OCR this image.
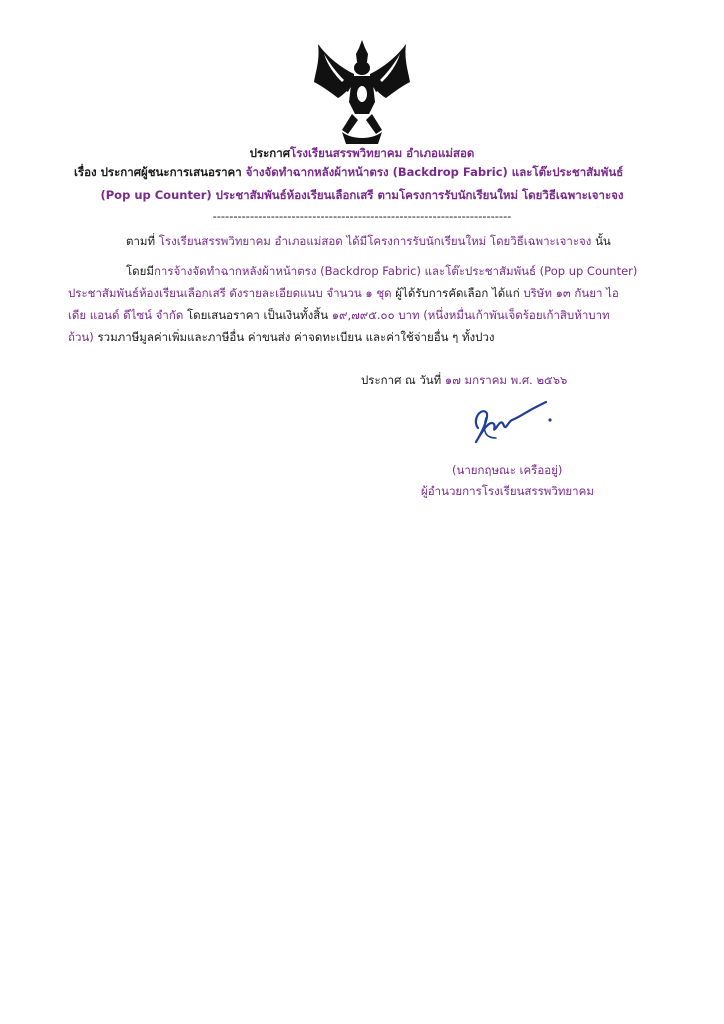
ประกาศโรงเรียนสรรพวิทยาคม อำเภอแม่สอด
เรื่อง ประกาศผู้ชนะการเสนอราคา จ้างจัดทำฉากหลังผ้าหน้าตรง (Backdrop Fabric) และโต๊ะประชาสัมพันธ์
(Pop up Counter) ประชาสัมพันธ์ห้องเรียนเลือกเสรี ตามโครงการรับนักเรียนใหม่ โดยวิธีเฉพาะเจาะจง
------------------------------------------------------------------------
ตามที่ โรงเรียนสรรพวิทยาคม อำเภอแม่สอด ได้มีโครงการรับนักเรียนใหม่ โดยวิธีเฉพาะเจาะจง นั้น
โดยมีการจ้างจัดทำฉากหลังผ้าหน้าตรง (Backdrop Fabric) และโต๊ะประชาสัมพันธ์ (Pop up Counter)
ประชาสัมพันธ์ห้องเรียนเลือกเสรี ดังรายละเอียดแนบ จำนวน ๑ ชุด ผู้ได้รับการคัดเลือก ได้แก่ บริษัท ๑๓ กันยา ไอ
เดีย แอนด์ ดีไซน์ จำกัด โดยเสนอราคา เป็นเงินทั้งสิ้น ๑๙,๗๙๕.๐๐ บาท (หนึ่งหมื่นเก้าพันเจ็ดร้อยเก้าสิบห้าบาท
ถ้วน) รวมภาษีมูลค่าเพิ่มและภาษีอื่น ค่าขนส่ง ค่าจดทะเบียน และค่าใช้จ่ายอื่น ๆ ทั้งปวง
ประกาศ ณ วันที่ ๑๗ มกราคม พ.ศ. ๒๕๖๖
(นายกฤษณะ เครืออยู่)
ผู้อำนวยการโรงเรียนสรรพวิทยาคม
